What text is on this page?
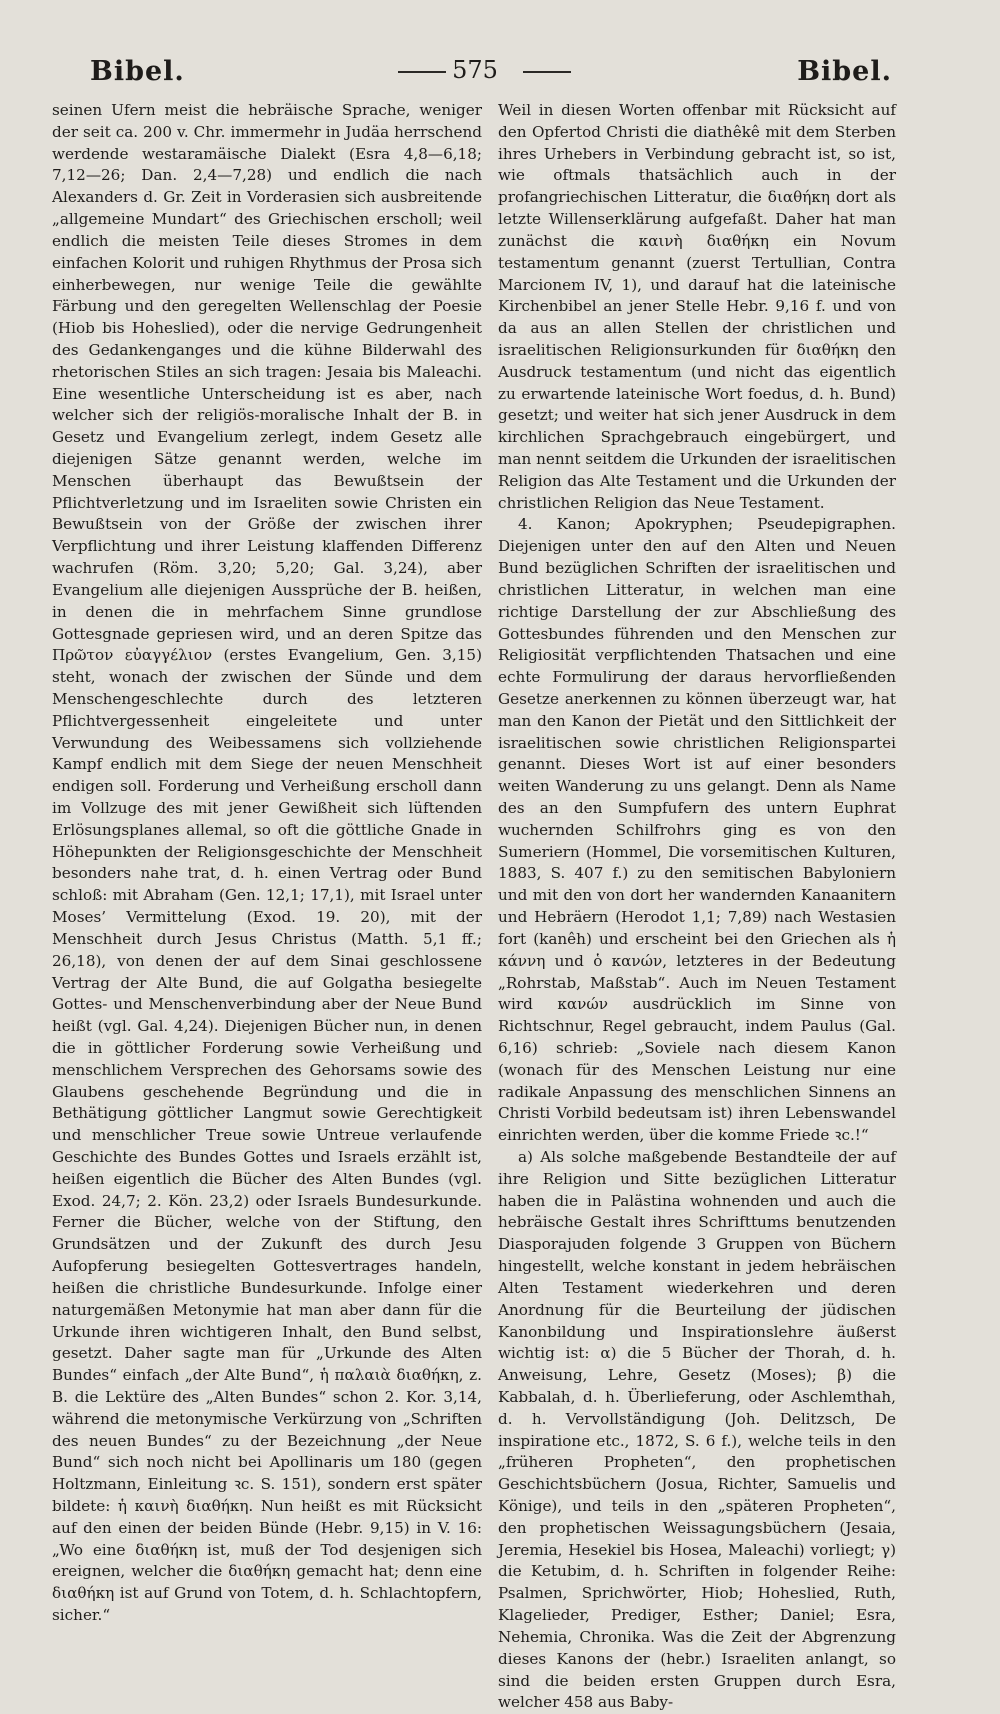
Bibel.	575	Bibel.

seinen Ufern meist die hebräische Sprache, weniger der seit ca. 200 v. Chr. immermehr in Judäa herrschend werdende westaramäische Dialekt (Esra 4,8—6,18; 7,12—26; Dan. 2,4—7,28) und endlich die nach Alexanders d. Gr. Zeit in Vorderasien sich ausbreitende „allgemeine Mundart“ des Griechischen erscholl; weil endlich die meisten Teile dieses Stromes in dem einfachen Kolorit und ruhigen Rhythmus der Prosa sich einherbewegen, nur wenige Teile die gewählte Färbung und den geregelten Wellenschlag der Poesie (Hiob bis Hoheslied), oder die nervige Gedrungenheit des Gedankenganges und die kühne Bilderwahl des rhetorischen Stiles an sich tragen: Jesaia bis Maleachi. Eine wesentliche Unterscheidung ist es aber, nach welcher sich der religiös-moralische Inhalt der B. in Gesetz und Evangelium zerlegt, indem Gesetz alle diejenigen Sätze genannt werden, welche im Menschen überhaupt das Bewußtsein der Pflichtverletzung und im Israeliten sowie Christen ein Bewußtsein von der Größe der zwischen ihrer Verpflichtung und ihrer Leistung klaffenden Differenz wachrufen (Röm. 3,20; 5,20; Gal. 3,24), aber Evangelium alle diejenigen Aussprüche der B. heißen, in denen die in mehrfachem Sinne grundlose Gottesgnade gepriesen wird, und an deren Spitze das Πρῶτον εὐαγγέλιον (erstes Evangelium, Gen. 3,15) steht, wonach der zwischen der Sünde und dem Menschengeschlechte durch des letzteren Pflichtvergessenheit eingeleitete und unter Verwundung des Weibessamens sich vollziehende Kampf endlich mit dem Siege der neuen Menschheit endigen soll. Forderung und Verheißung erscholl dann im Vollzuge des mit jener Gewißheit sich lüftenden Erlösungsplanes allemal, so oft die göttliche Gnade in Höhepunkten der Religionsgeschichte der Menschheit besonders nahe trat, d. h. einen Vertrag oder Bund schloß: mit Abraham (Gen. 12,1; 17,1), mit Israel unter Moses’ Vermittelung (Exod. 19. 20), mit der Menschheit durch Jesus Christus (Matth. 5,1 ff.; 26,18), von denen der auf dem Sinai geschlossene Vertrag der Alte Bund, die auf Golgatha besiegelte Gottes- und Menschenverbindung aber der Neue Bund heißt (vgl. Gal. 4,24). Diejenigen Bücher nun, in denen die in göttlicher Forderung sowie Verheißung und menschlichem Versprechen des Gehorsams sowie des Glaubens geschehende Begründung und die in Bethätigung göttlicher Langmut sowie Gerechtigkeit und menschlicher Treue sowie Untreue verlaufende Geschichte des Bundes Gottes und Israels erzählt ist, heißen eigentlich die Bücher des Alten Bundes (vgl. Exod. 24,7; 2. Kön. 23,2) oder Israels Bundesurkunde. Ferner die Bücher, welche von der Stiftung, den Grundsätzen und der Zukunft des durch Jesu Aufopferung besiegelten Gottesvertrages handeln, heißen die christliche Bundesurkunde. Infolge einer naturgemäßen Metonymie hat man aber dann für die Urkunde ihren wichtigeren Inhalt, den Bund selbst, gesetzt. Daher sagte man für „Urkunde des Alten Bundes“ einfach „der Alte Bund“, ἡ παλαιὰ διαθήκη, z. B. die Lektüre des „Alten Bundes“ schon 2. Kor. 3,14, während die metonymische Verkürzung von „Schriften des neuen Bundes“ zu der Bezeichnung „der Neue Bund“ sich noch nicht bei Apollinaris um 180 (gegen Holtzmann, Einleitung ꝛc. S. 151), sondern erst später bildete: ἡ καινὴ διαθήκη. Nun heißt es mit Rücksicht auf den einen der beiden Bünde (Hebr. 9,15) in V. 16: „Wo eine διαθήκη ist, muß der Tod desjenigen sich ereignen, welcher die διαθήκη gemacht hat; denn eine διαθήκη ist auf Grund von Totem, d. h. Schlachtopfern, sicher.“

Weil in diesen Worten offenbar mit Rücksicht auf den Opfertod Christi die diathêkê mit dem Sterben ihres Urhebers in Verbindung gebracht ist, so ist, wie oftmals thatsächlich auch in der profangriechischen Litteratur, die διαθήκη dort als letzte Willenserklärung aufgefaßt. Daher hat man zunächst die καινὴ διαθήκη ein Novum testamentum genannt (zuerst Tertullian, Contra Marcionem IV, 1), und darauf hat die lateinische Kirchenbibel an jener Stelle Hebr. 9,16 f. und von da aus an allen Stellen der christlichen und israelitischen Religionsurkunden für διαθήκη den Ausdruck testamentum (und nicht das eigentlich zu erwartende lateinische Wort foedus, d. h. Bund) gesetzt; und weiter hat sich jener Ausdruck in dem kirchlichen Sprachgebrauch eingebürgert, und man nennt seitdem die Urkunden der israelitischen Religion das Alte Testament und die Urkunden der christlichen Religion das Neue Testament.

4. Kanon; Apokryphen; Pseudepigraphen. Diejenigen unter den auf den Alten und Neuen Bund bezüglichen Schriften der israelitischen und christlichen Litteratur, in welchen man eine richtige Darstellung der zur Abschließung des Gottesbundes führenden und den Menschen zur Religiosität verpflichtenden Thatsachen und eine echte Formulirung der daraus hervorfließenden Gesetze anerkennen zu können überzeugt war, hat man den Kanon der Pietät und den Sittlichkeit der israelitischen sowie christlichen Religionspartei genannt. Dieses Wort ist auf einer besonders weiten Wanderung zu uns gelangt. Denn als Name des an den Sumpfufern des untern Euphrat wuchernden Schilfrohrs ging es von den Sumeriern (Hommel, Die vorsemitischen Kulturen, 1883, S. 407 f.) zu den semitischen Babyloniern und mit den von dort her wandernden Kanaanitern und Hebräern (Herodot 1,1; 7,89) nach Westasien fort (kanêh) und erscheint bei den Griechen als ἡ κάννη und ὁ κανών, letzteres in der Bedeutung „Rohrstab, Maßstab“. Auch im Neuen Testament wird κανών ausdrücklich im Sinne von Richtschnur, Regel gebraucht, indem Paulus (Gal. 6,16) schrieb: „Soviele nach diesem Kanon (wonach für des Menschen Leistung nur eine radikale Anpassung des menschlichen Sinnens an Christi Vorbild bedeutsam ist) ihren Lebenswandel einrichten werden, über die komme Friede ꝛc.!“

a) Als solche maßgebende Bestandteile der auf ihre Religion und Sitte bezüglichen Litteratur haben die in Palästina wohnenden und auch die hebräische Gestalt ihres Schrifttums benutzenden Diasporajuden folgende 3 Gruppen von Büchern hingestellt, welche konstant in jedem hebräischen Alten Testament wiederkehren und deren Anordnung für die Beurteilung der jüdischen Kanonbildung und Inspirationslehre äußerst wichtig ist: α) die 5 Bücher der Thorah, d. h. Anweisung, Lehre, Gesetz (Moses); β) die Kabbalah, d. h. Überlieferung, oder Aschlemthah, d. h. Vervollständigung (Joh. Delitzsch, De inspiratione etc., 1872, S. 6 f.), welche teils in den „früheren Propheten“, den prophetischen Geschichtsbüchern (Josua, Richter, Samuelis und Könige), und teils in den „späteren Propheten“, den prophetischen Weissagungsbüchern (Jesaia, Jeremia, Hesekiel bis Hosea, Maleachi) vorliegt; γ) die Ketubim, d. h. Schriften in folgender Reihe: Psalmen, Sprichwörter, Hiob; Hoheslied, Ruth, Klagelieder, Prediger, Esther; Daniel; Esra, Nehemia, Chronika. Was die Zeit der Abgrenzung dieses Kanons der (hebr.) Israeliten anlangt, so sind die beiden ersten Gruppen durch Esra, welcher 458 aus Baby-
